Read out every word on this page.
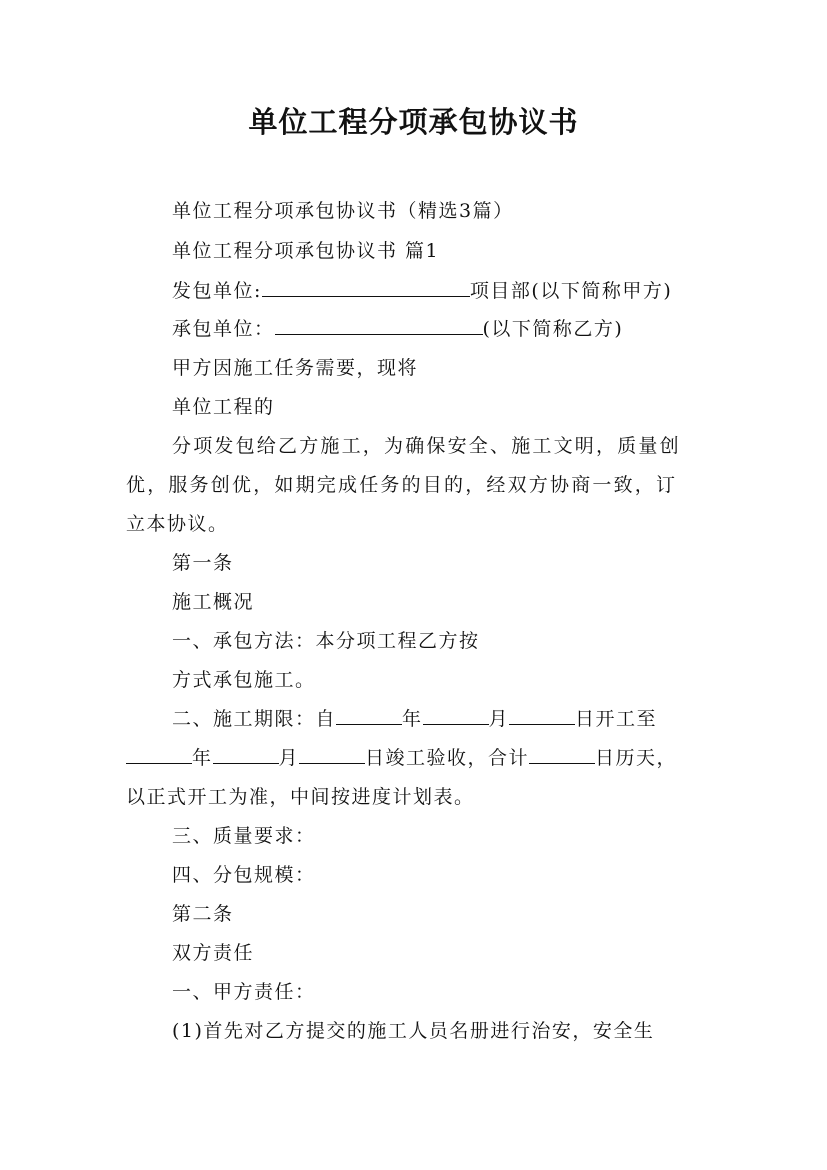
单位工程分项承包协议书
单位工程分项承包协议书（精选3篇）
单位工程分项承包协议书 篇1
发包单位:	项目部(以下简称甲方)
承包单位：	(以下简称乙方)
甲方因施工任务需要，现将
单位工程的
分项发包给乙方施工，为确保安全、施工文明，质量创
优，服务创优，如期完成任务的目的，经双方协商一致，订
立本协议。
第一条
施工概况
一、承包方法：本分项工程乙方按
方式承包施工。
二、施工期限：自	年	月	日开工至
年	月	日竣工验收，合计	日历天，
以正式开工为准，中间按进度计划表。
三、质量要求：
四、分包规模：
第二条
双方责任
一、甲方责任：
(1)首先对乙方提交的施工人员名册进行治安，安全生
